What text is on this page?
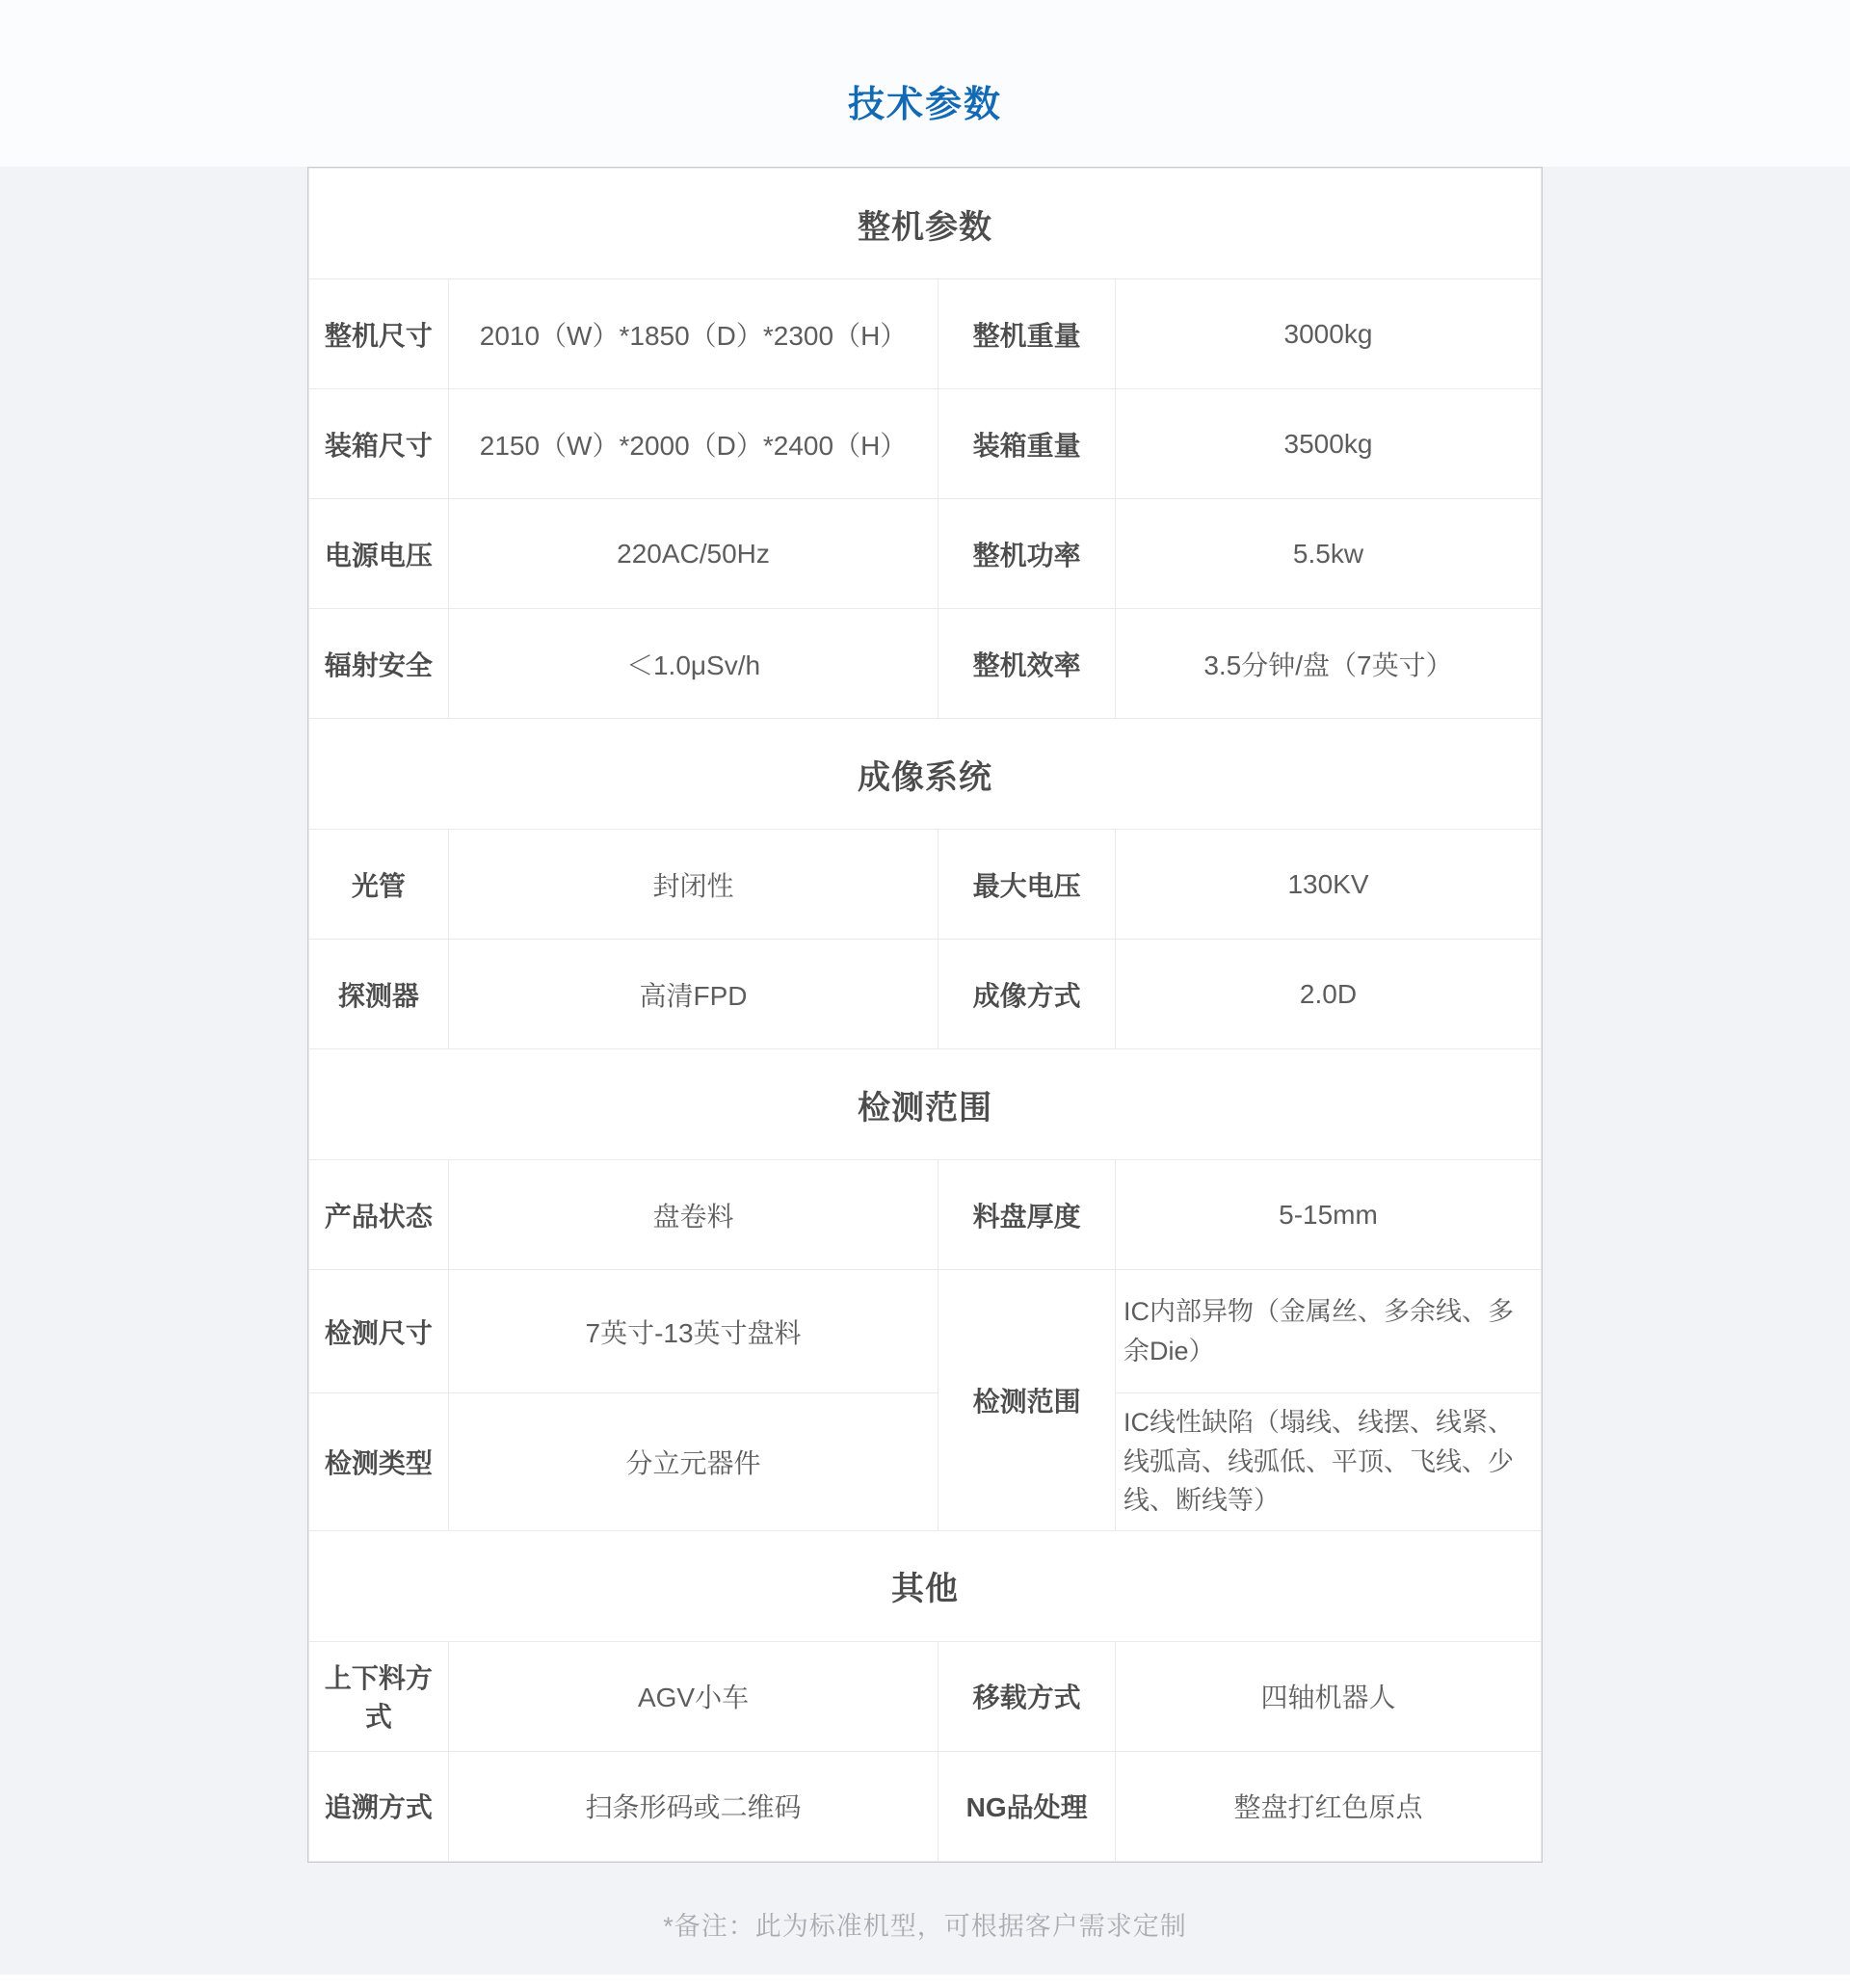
技术参数
整机参数			
整机尺寸	2010（W）*1850（D）*2300（H）	整机重量	3000kg
装箱尺寸	2150（W）*2000（D）*2400（H）	装箱重量	3500kg
电源电压	220AC/50Hz	整机功率	5.5kw
辐射安全	＜1.0μSv/h	整机效率	3.5分钟/盘（7英寸）
成像系统			
光管	封闭性	最大电压	130KV
探测器	高清FPD	成像方式	2.0D
检测范围			
产品状态	盘卷料	料盘厚度	5-15mm
检测尺寸	7英寸-13英寸盘料	检测范围	IC内部异物（金属丝、多余线、多余Die）
检测类型	分立元器件		IC线性缺陷（塌线、线摆、线紧、线弧高、线弧低、平顶、飞线、少线、断线等）
其他			
上下料方式	AGV小车	移载方式	四轴机器人
追溯方式	扫条形码或二维码	NG品处理	整盘打红色原点
*备注：此为标准机型，可根据客户需求定制
